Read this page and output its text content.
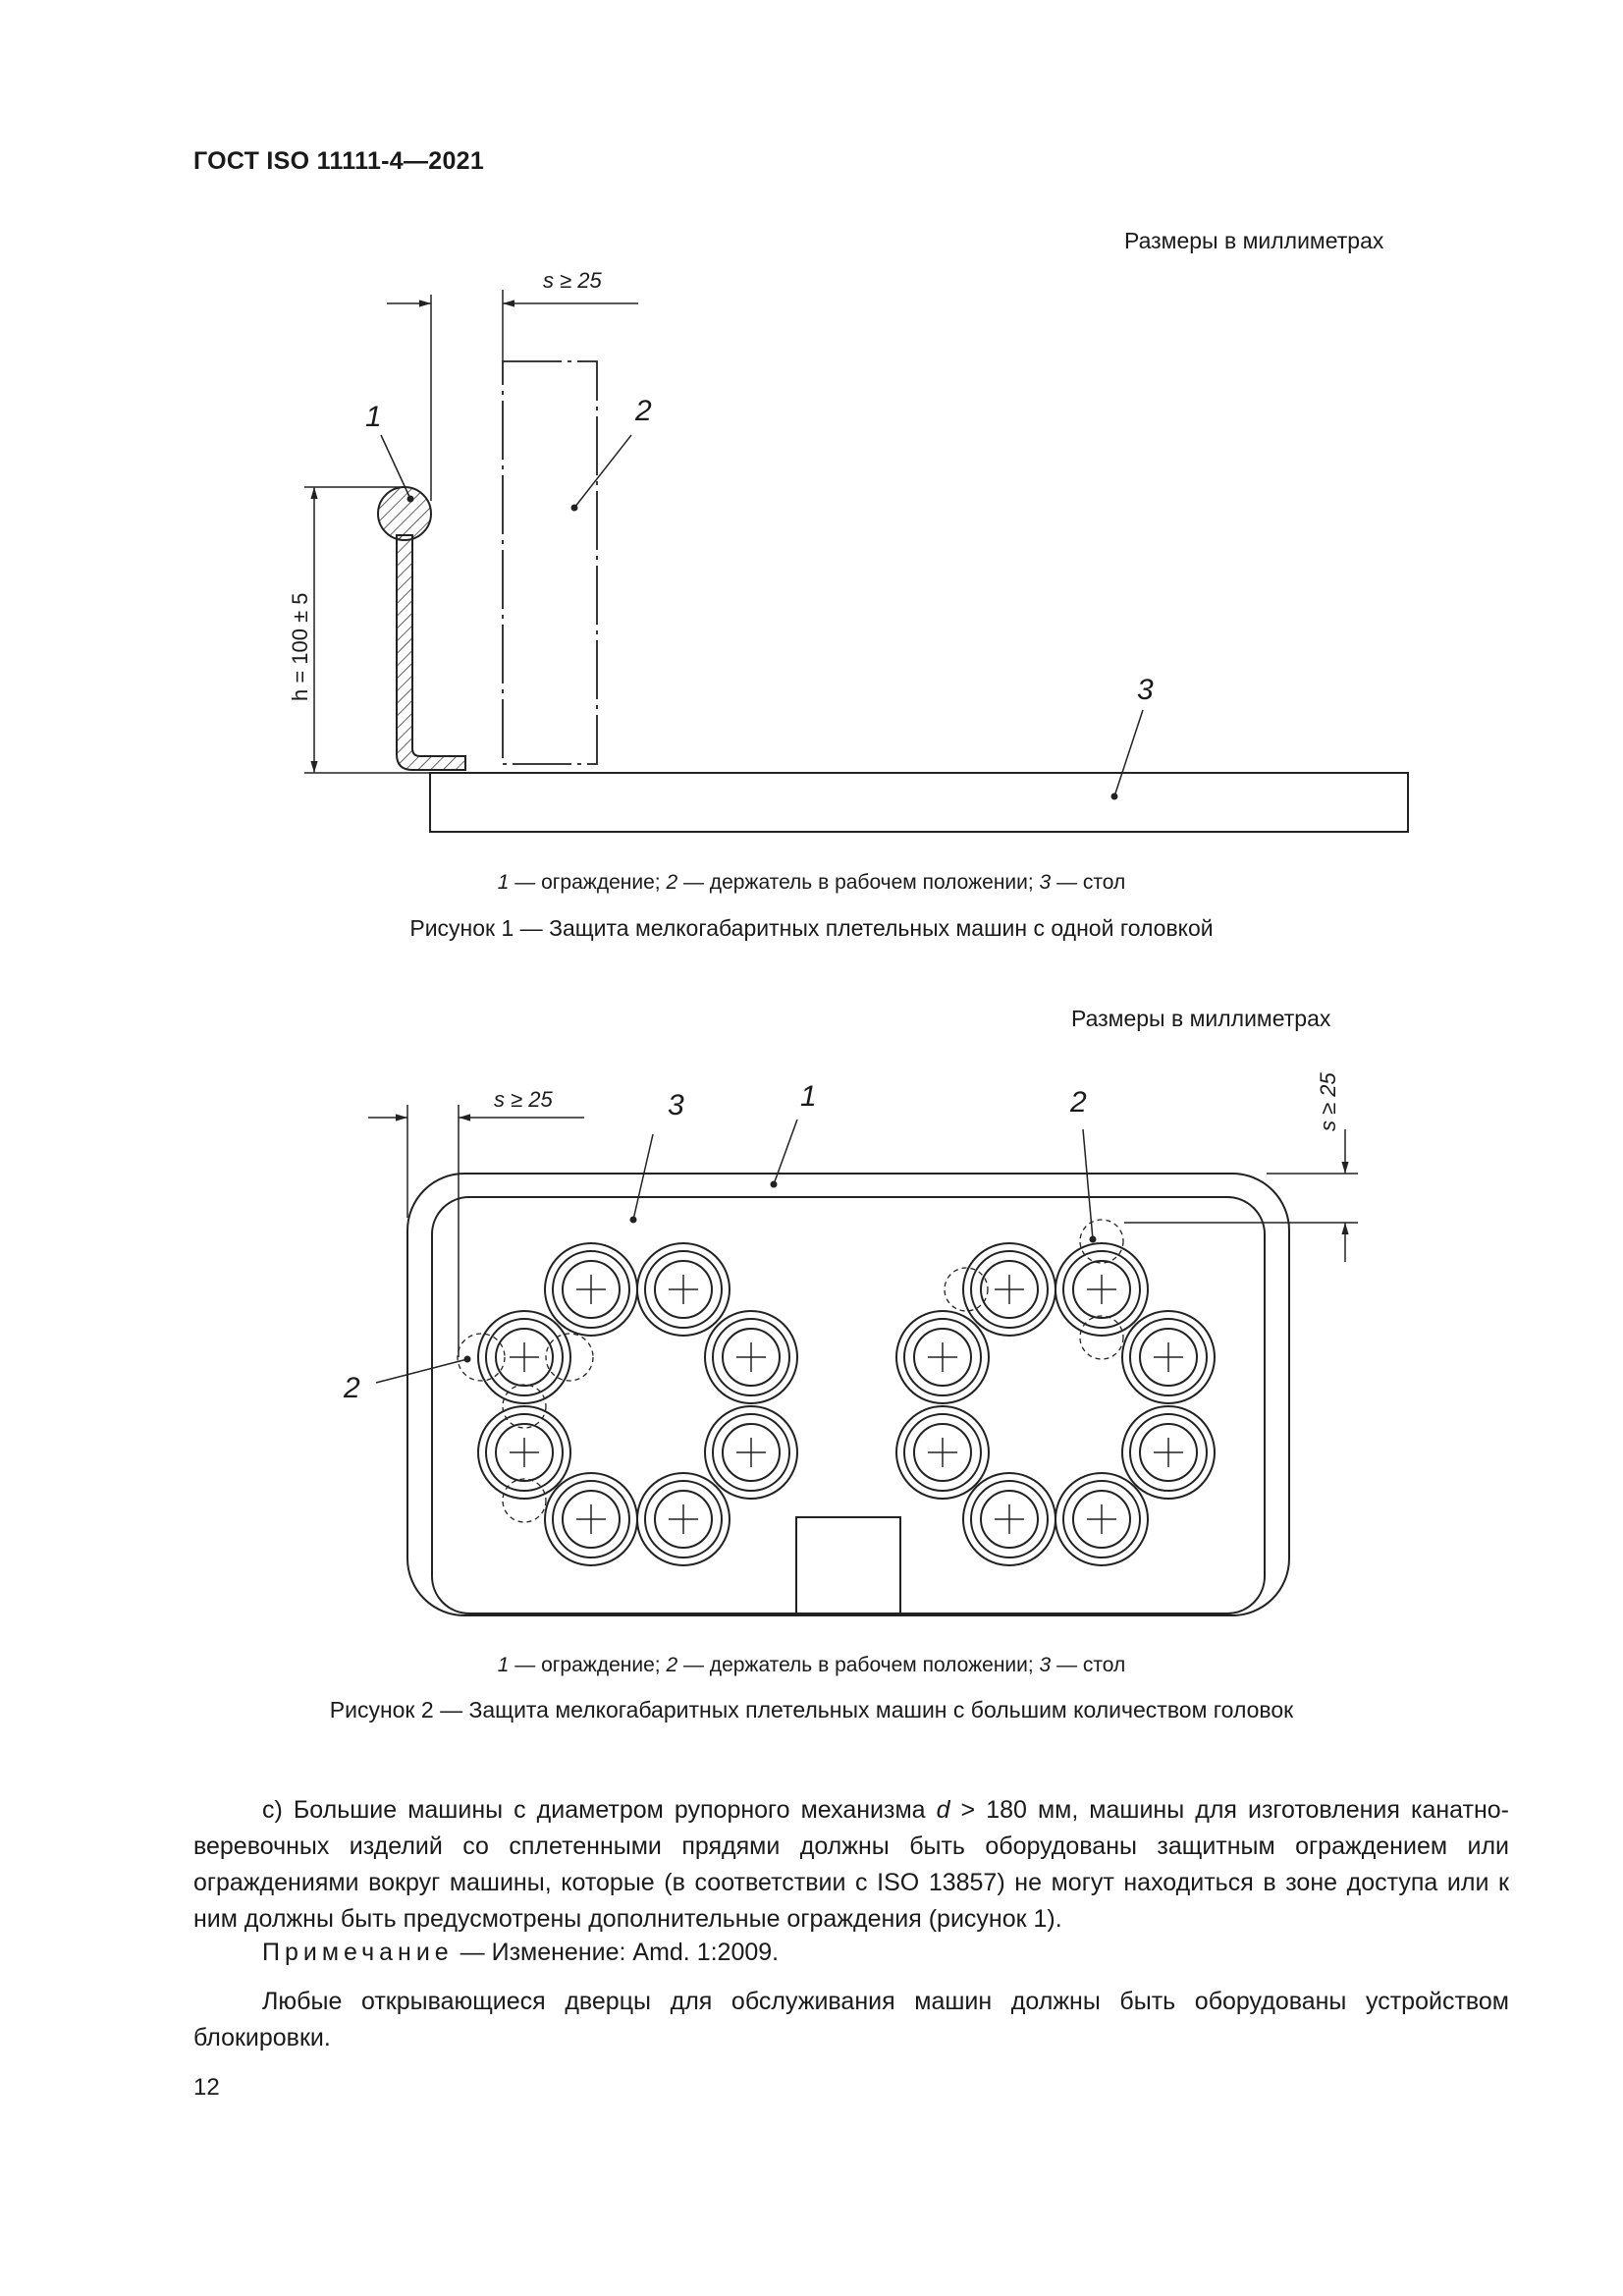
ГОСТ ISO 11111-4—2021
Размеры в миллиметрах
s ≥ 25
h = 100 ± 5
1	2
3
s ≥ 25	s ≥ 25
3	1	2
2
1 — ограждение; 2 — держатель в рабочем положении; 3 — стол
Рисунок 1 — Защита мелкогабаритных плетельных машин с одной головкой
Размеры в миллиметрах
1 — ограждение; 2 — держатель в рабочем положении; 3 — стол
Рисунок 2 — Защита мелкогабаритных плетельных машин с большим количеством головок

с) Большие машины с диаметром рупорного механизма d > 180 мм, машины для изготовления канатно-веревочных изделий со сплетенными прядями должны быть оборудованы защитным ограждением или ограждениями вокруг машины, которые (в соответствии с ISO 13857) не могут находиться в зоне доступа или к ним должны быть предусмотрены дополнительные ограждения (рисунок 1).

Примечание — Изменение: Amd. 1:2009.

Любые открывающиеся дверцы для обслуживания машин должны быть оборудованы устройством блокировки.

12
